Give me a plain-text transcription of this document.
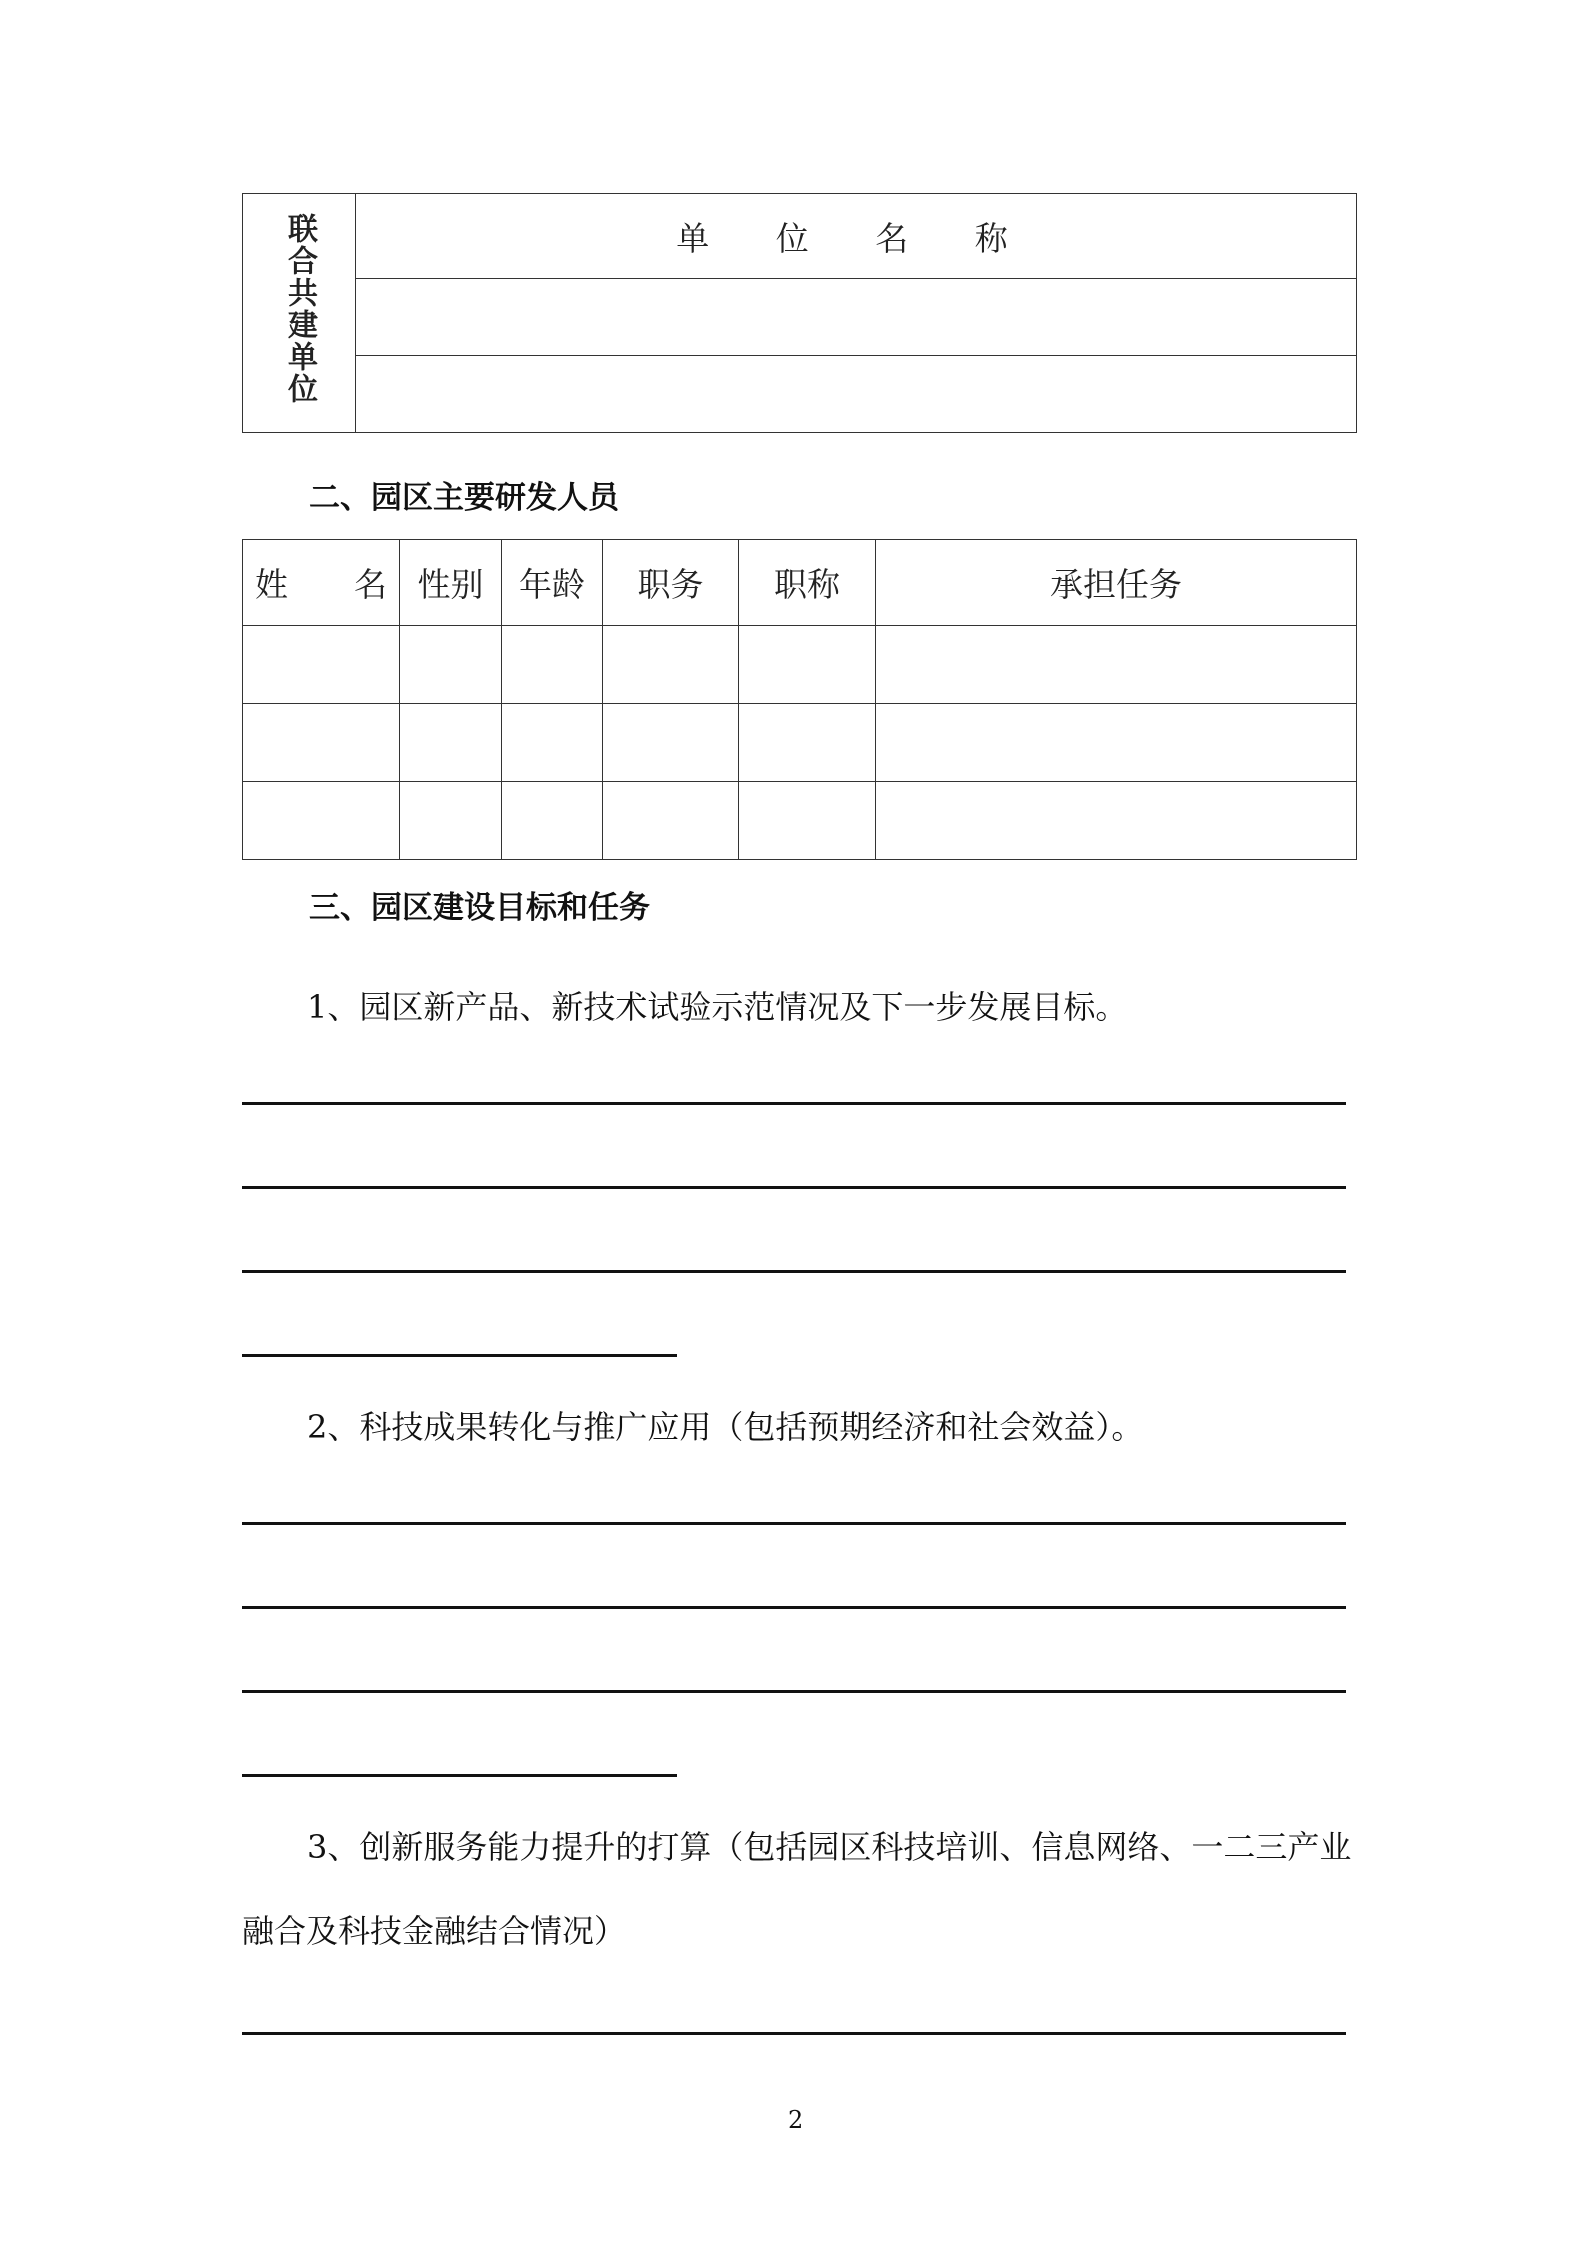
联合共建单位	单 位 名 称

二、园区主要研发人员
姓　　名	性别	年龄	职务	职称	承担任务

三、园区建设目标和任务
1、园区新产品、新技术试验示范情况及下一步发展目标。
2、科技成果转化与推广应用（包括预期经济和社会效益）。
3、创新服务能力提升的打算（包括园区科技培训、信息网络、一二三产业
融合及科技金融结合情况）
2
